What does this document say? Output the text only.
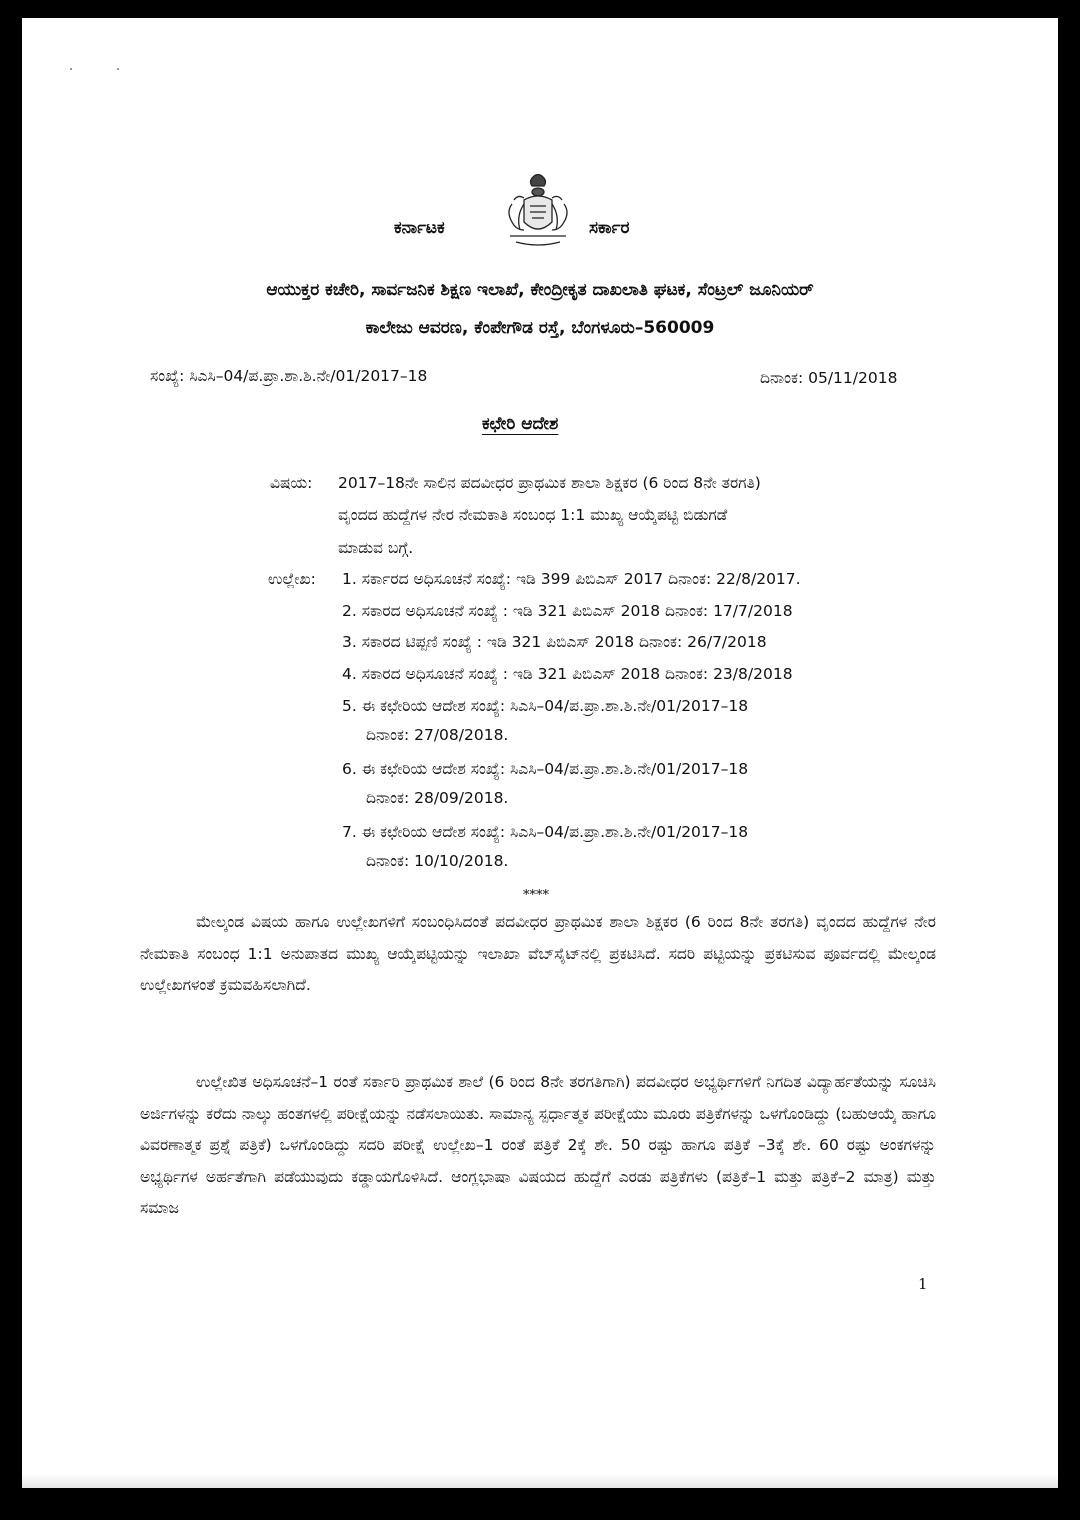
ಕರ್ನಾಟಕ	ಸರ್ಕಾರ
ಆಯುಕ್ತರ ಕಚೇರಿ, ಸಾರ್ವಜನಿಕ ಶಿಕ್ಷಣ ಇಲಾಖೆ, ಕೇಂದ್ರೀಕೃತ ದಾಖಲಾತಿ ಘಟಕ, ಸೆಂಟ್ರಲ್ ಜೂನಿಯರ್
ಕಾಲೇಜು ಆವರಣ, ಕೆಂಪೇಗೌಡ ರಸ್ತೆ, ಬೆಂಗಳೂರು–560009
ಸಂಖ್ಯೆ: ಸಿಎಸಿ–04/ಪ.ಪ್ರಾ.ಶಾ.ಶಿ.ನೇ/01/2017–18	ದಿನಾಂಕ: 05/11/2018
ಕಛೇರಿ ಆದೇಶ
ವಿಷಯ: 2017–18ನೇ ಸಾಲಿನ ಪದವೀಧರ ಪ್ರಾಥಮಿಕ ಶಾಲಾ ಶಿಕ್ಷಕರ (6 ರಿಂದ 8ನೇ ತರಗತಿ)
ವೃಂದದ ಹುದ್ದೆಗಳ ನೇರ ನೇಮಕಾತಿ ಸಂಬಂಧ 1:1 ಮುಖ್ಯ ಆಯ್ಕೆಪಟ್ಟಿ ಬಿಡುಗಡೆ
ಮಾಡುವ ಬಗ್ಗೆ.
ಉಲ್ಲೇಖ: 1. ಸರ್ಕಾರದ ಅಧಿಸೂಚನೆ ಸಂಖ್ಯೆ: ಇಡಿ 399 ಪಿಬಿಎಸ್ 2017 ದಿನಾಂಕ: 22/8/2017.
2. ಸಕಾರದ ಅಧಿಸೂಚನೆ ಸಂಖ್ಯೆ : ಇಡಿ 321 ಪಿಬಿಎಸ್ 2018 ದಿನಾಂಕ: 17/7/2018
3. ಸಕಾರದ ಟಿಪ್ಪಣಿ ಸಂಖ್ಯೆ : ಇಡಿ 321 ಪಿಬಿಎಸ್ 2018 ದಿನಾಂಕ: 26/7/2018
4. ಸಕಾರದ ಅಧಿಸೂಚನೆ ಸಂಖ್ಯೆ : ಇಡಿ 321 ಪಿಬಿಎಸ್ 2018 ದಿನಾಂಕ: 23/8/2018
5. ಈ ಕಛೇರಿಯ ಆದೇಶ ಸಂಖ್ಯೆ: ಸಿಎಸಿ–04/ಪ.ಪ್ರಾ.ಶಾ.ಶಿ.ನೇ/01/2017–18
ದಿನಾಂಕ: 27/08/2018.
6. ಈ ಕಛೇರಿಯ ಆದೇಶ ಸಂಖ್ಯೆ: ಸಿಎಸಿ–04/ಪ.ಪ್ರಾ.ಶಾ.ಶಿ.ನೇ/01/2017–18
ದಿನಾಂಕ: 28/09/2018.
7. ಈ ಕಛೇರಿಯ ಆದೇಶ ಸಂಖ್ಯೆ: ಸಿಎಸಿ–04/ಪ.ಪ್ರಾ.ಶಾ.ಶಿ.ನೇ/01/2017–18
ದಿನಾಂಕ: 10/10/2018.
****
ಮೇಲ್ಕಂಡ ವಿಷಯ ಹಾಗೂ ಉಲ್ಲೇಖಗಳಿಗೆ ಸಂಬಂಧಿಸಿದಂತೆ ಪದವೀಧರ ಪ್ರಾಥಮಿಕ ಶಾಲಾ ಶಿಕ್ಷಕರ (6 ರಿಂದ 8ನೇ ತರಗತಿ) ವೃಂದದ ಹುದ್ದೆಗಳ ನೇರ ನೇಮಕಾತಿ ಸಂಬಂಧ 1:1 ಅನುಪಾತದ ಮುಖ್ಯ ಆಯ್ಕೆಪಟ್ಟಿಯನ್ನು ಇಲಾಖಾ ವೆಬ್‌ಸೈಟ್‌ನಲ್ಲಿ ಪ್ರಕಟಿಸಿದೆ. ಸದರಿ ಪಟ್ಟಿಯನ್ನು ಪ್ರಕಟಿಸುವ ಪೂರ್ವದಲ್ಲಿ ಮೇಲ್ಕಂಡ ಉಲ್ಲೇಖಗಳಂತೆ ಕ್ರಮವಹಿಸಲಾಗಿದೆ.
ಉಲ್ಲೇಖಿತ ಅಧಿಸೂಚನೆ–1 ರಂತೆ ಸರ್ಕಾರಿ ಪ್ರಾಥಮಿಕ ಶಾಲೆ (6 ರಿಂದ 8ನೇ ತರಗತಿಗಾಗಿ) ಪದವೀಧರ ಅಭ್ಯರ್ಥಿಗಳಿಗೆ ನಿಗದಿತ ವಿದ್ಯಾರ್ಹತೆಯನ್ನು ಸೂಚಿಸಿ ಅರ್ಜಿಗಳನ್ನು ಕರೆದು ನಾಲ್ಕು ಹಂತಗಳಲ್ಲಿ ಪರೀಕ್ಷೆಯನ್ನು ನಡೆಸಲಾಯಿತು. ಸಾಮಾನ್ಯ ಸ್ಪರ್ಧಾತ್ಮಕ ಪರೀಕ್ಷೆಯು ಮೂರು ಪತ್ರಿಕೆಗಳನ್ನು ಒಳಗೊಂಡಿದ್ದು (ಬಹುಆಯ್ಕೆ ಹಾಗೂ ವಿವರಣಾತ್ಮಕ ಪ್ರಶ್ನೆ ಪತ್ರಿಕೆ) ಒಳಗೊಂಡಿದ್ದು ಸದರಿ ಪರೀಕ್ಷೆ ಉಲ್ಲೇಖ–1 ರಂತೆ ಪತ್ರಿಕೆ 2ಕ್ಕೆ ಶೇ. 50 ರಷ್ಟು ಹಾಗೂ ಪತ್ರಿಕೆ –3ಕ್ಕೆ ಶೇ. 60 ರಷ್ಟು ಅಂಕಗಳನ್ನು ಅಭ್ಯರ್ಥಿಗಳ ಅರ್ಹತೆಗಾಗಿ ಪಡೆಯುವುದು ಕಡ್ಡಾಯಗೊಳಿಸಿದೆ. ಆಂಗ್ಲಭಾಷಾ ವಿಷಯದ ಹುದ್ದೆಗೆ ಎರಡು ಪತ್ರಿಕೆಗಳು (ಪತ್ರಿಕೆ–1 ಮತ್ತು ಪತ್ರಿಕೆ–2 ಮಾತ್ರ) ಮತ್ತು ಸಮಾಜ
1
